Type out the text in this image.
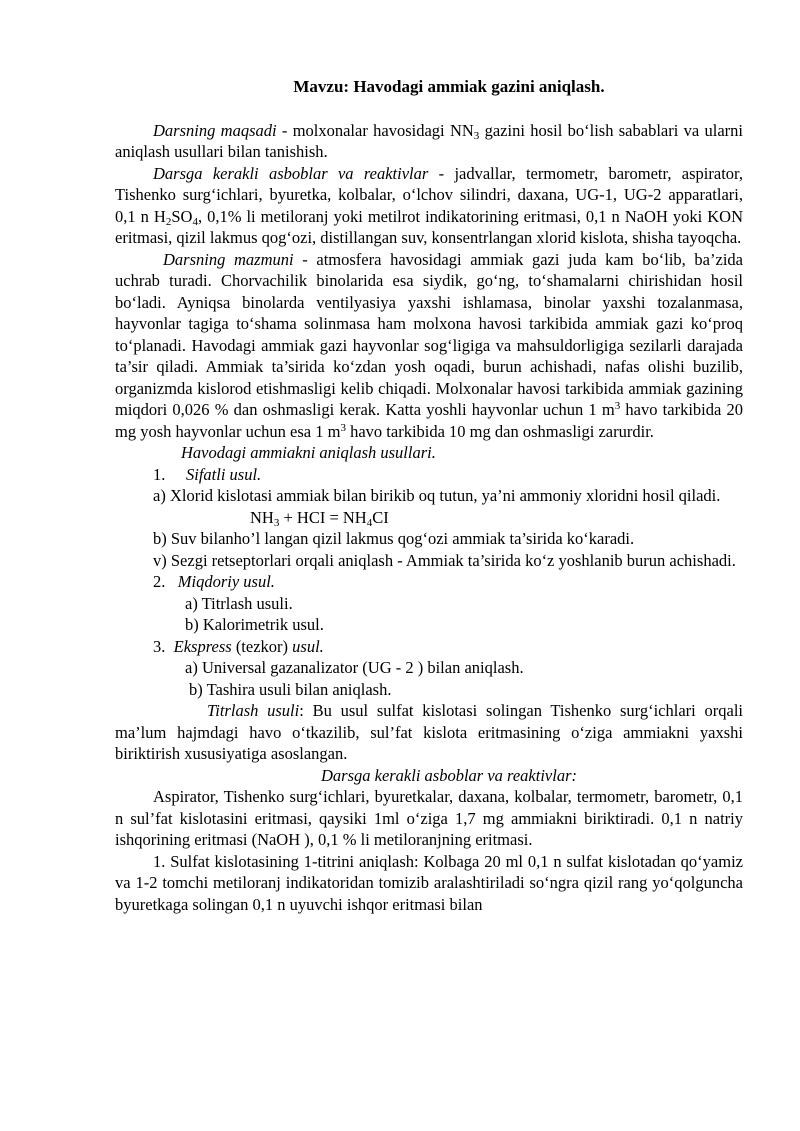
Mavzu: Havodagi ammiak gazini aniqlash.

Darsning maqsadi - molxonalar havosidagi $NN_3$ gazini hosil bo‘lish sabablari va ularni aniqlash usullari bilan tanishish.

Darsga kerakli asboblar va reaktivlar - jadvallar, termometr, barometr, aspirator, Tishenko surg‘ichlari, byuretka, kolbalar, o‘lchov silindri, daxana, UG-1, UG-2 apparatlari, 0,1 n $H_2SO_4$, 0,1% li metiloranj yoki metilrot indikatorining eritmasi, 0,1 n NaOH yoki KON eritmasi, qizil lakmus qog‘ozi, distillangan suv, konsentrlangan xlorid kislota, shisha tayoqcha.

Darsning mazmuni - atmosfera havosidagi ammiak gazi juda kam bo‘lib, ba’zida uchrab turadi. Chorvachilik binolarida esa siydik, go‘ng, to‘shamalarni chirishidan hosil bo‘ladi. Ayniqsa binolarda ventilyasiya yaxshi ishlamasa, binolar yaxshi tozalanmasa, hayvonlar tagiga to‘shama solinmasa ham molxona havosi tarkibida ammiak gazi ko‘proq to‘planadi. Havodagi ammiak gazi hayvonlar sog‘ligiga va mahsuldorligiga sezilarli darajada ta’sir qiladi. Ammiak ta’sirida ko‘zdan yosh oqadi, burun achishadi, nafas olishi buzilib, organizmda kislorod etishmasligi kelib chiqadi. Molxonalar havosi tarkibida ammiak gazining miqdori 0,026 % dan oshmasligi kerak. Katta yoshli hayvonlar uchun 1 $m^3$ havo tarkibida 20 mg yosh hayvonlar uchun esa 1 $m^3$ havo tarkibida 10 mg dan oshmasligi zarurdir.

Havodagi ammiakni aniqlash usullari.

1. Sifatli usul.

a) Xlorid kislotasi ammiak bilan birikib oq tutun, ya’ni ammoniy xloridni hosil qiladi.

$NH_3$ + HCI = $NH_4CI$

b) Suv bilanho’l langan qizil lakmus qog‘ozi ammiak ta’sirida ko‘karadi.

v) Sezgi retseptorlari orqali aniqlash - Ammiak ta’sirida ko‘z yoshlanib burun achishadi.

2. Miqdoriy usul.

a) Titrlash usuli.

b) Kalorimetrik usul.

3. Ekspress (tezkor) usul.

a) Universal gazanalizator (UG - 2 ) bilan aniqlash.

b) Tashira usuli bilan aniqlash.

Titrlash usuli: Bu usul sulfat kislotasi solingan Tishenko surg‘ichlari orqali ma’lum hajmdagi havo o‘tkazilib, sul’fat kislota eritmasining o‘ziga ammiakni yaxshi biriktirish xususiyatiga asoslangan.

Darsga kerakli asboblar va reaktivlar:

Aspirator, Tishenko surg‘ichlari, byuretkalar, daxana, kolbalar, termometr, barometr, 0,1 n sul’fat kislotasini eritmasi, qaysiki 1ml o‘ziga 1,7 mg ammiakni biriktiradi. 0,1 n natriy ishqorining eritmasi (NaOH ), 0,1 % li metiloranjning eritmasi.

1. Sulfat kislotasining 1-titrini aniqlash: Kolbaga 20 ml 0,1 n sulfat kislotadan qo‘yamiz va 1-2 tomchi metiloranj indikatoridan tomizib aralashtiriladi so‘ngra qizil rang yo‘qolguncha byuretkaga solingan 0,1 n uyuvchi ishqor eritmasi bilan
